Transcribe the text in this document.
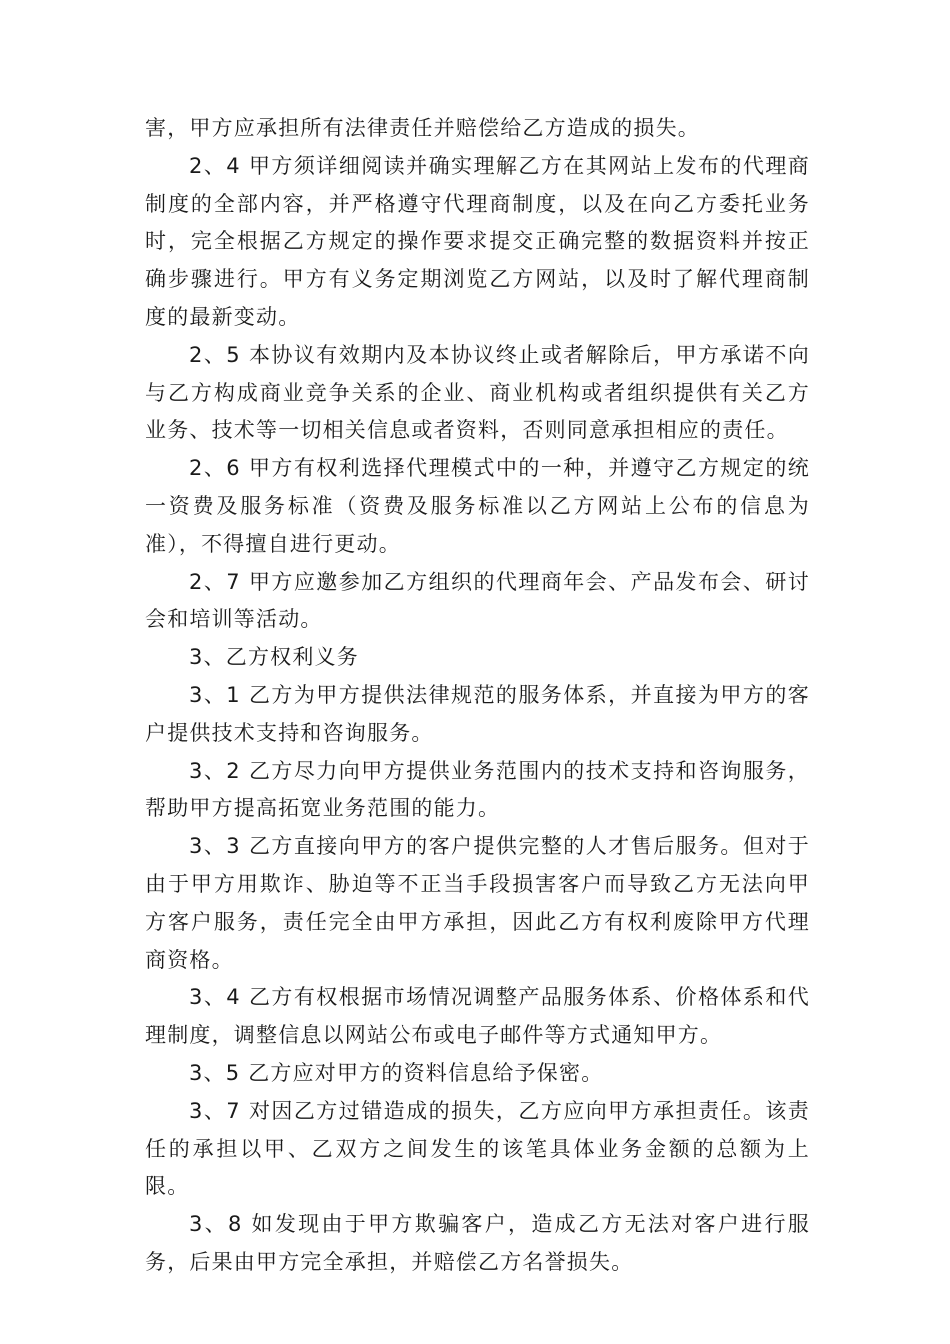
害，甲方应承担所有法律责任并赔偿给乙方造成的损失。

2、4 甲方须详细阅读并确实理解乙方在其网站上发布的代理商制度的全部内容，并严格遵守代理商制度，以及在向乙方委托业务时，完全根据乙方规定的操作要求提交正确完整的数据资料并按正确步骤进行。甲方有义务定期浏览乙方网站，以及时了解代理商制度的最新变动。

2、5 本协议有效期内及本协议终止或者解除后，甲方承诺不向与乙方构成商业竞争关系的企业、商业机构或者组织提供有关乙方业务、技术等一切相关信息或者资料，否则同意承担相应的责任。

2、6 甲方有权利选择代理模式中的一种，并遵守乙方规定的统一资费及服务标准（资费及服务标准以乙方网站上公布的信息为准），不得擅自进行更动。

2、7 甲方应邀参加乙方组织的代理商年会、产品发布会、研讨会和培训等活动。

3、乙方权利义务

3、1 乙方为甲方提供法律规范的服务体系，并直接为甲方的客户提供技术支持和咨询服务。

3、2 乙方尽力向甲方提供业务范围内的技术支持和咨询服务，帮助甲方提高拓宽业务范围的能力。

3、3 乙方直接向甲方的客户提供完整的人才售后服务。但对于由于甲方用欺诈、胁迫等不正当手段损害客户而导致乙方无法向甲方客户服务，责任完全由甲方承担，因此乙方有权利废除甲方代理商资格。

3、4 乙方有权根据市场情况调整产品服务体系、价格体系和代理制度，调整信息以网站公布或电子邮件等方式通知甲方。

3、5 乙方应对甲方的资料信息给予保密。

3、7 对因乙方过错造成的损失，乙方应向甲方承担责任。该责任的承担以甲、乙双方之间发生的该笔具体业务金额的总额为上限。

3、8 如发现由于甲方欺骗客户，造成乙方无法对客户进行服务，后果由甲方完全承担，并赔偿乙方名誉损失。
